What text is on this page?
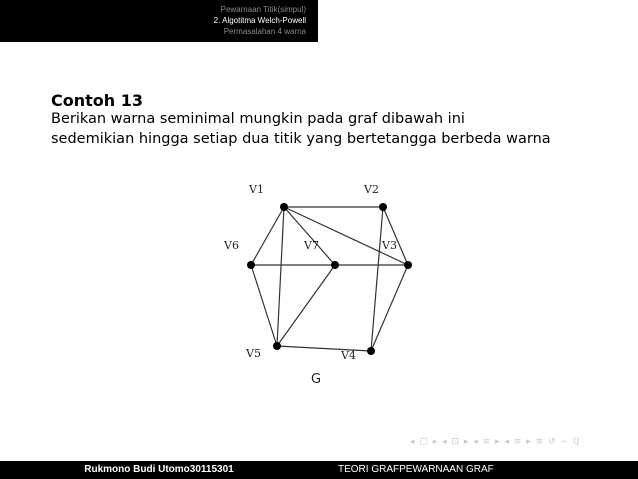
Pewarnaan Titik(simpul)
2. Algotitma Welch-Powell
Permasalahan 4 warna
Contoh 13
Berikan warna seminimal mungkin pada graf dibawah ini
sedemikian hingga setiap dua titik yang bertetangga berbeda warna
V1	V2
V3
V4
V5
V6	V7
G
◂ ▢ ▸ ◂ ⊡ ▸ ◂ ≡ ▸ ◂ ≡ ▸ ≡ ↺ ∽ ℚ
Rukmono Budi Utomo30115301	TEORI GRAFPEWARNAAN GRAF
